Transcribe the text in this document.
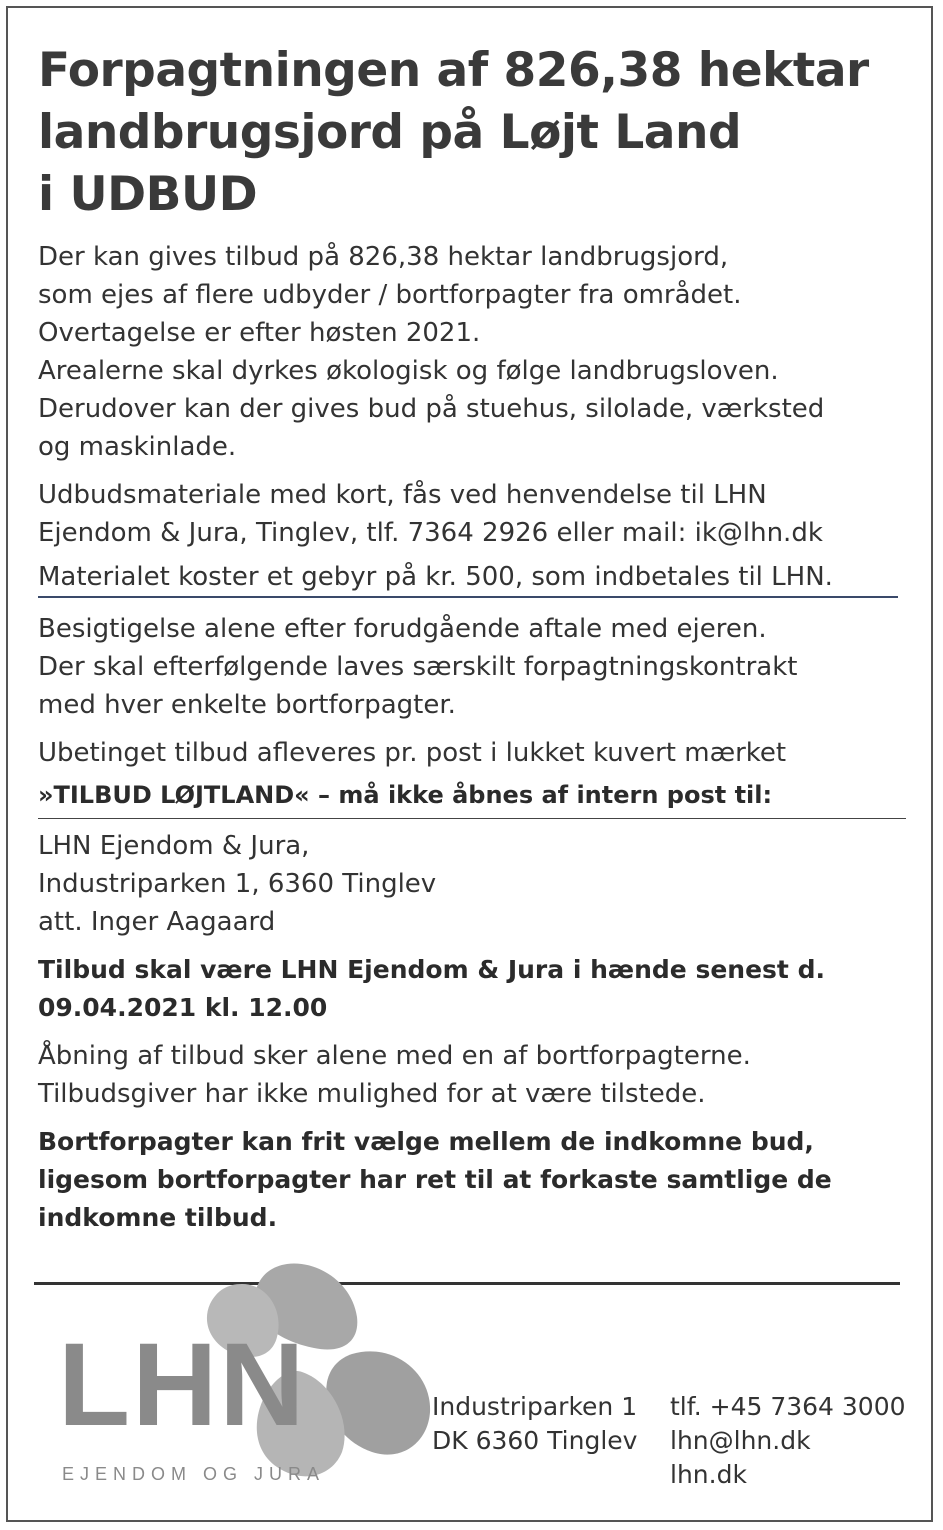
Forpagtningen af 826,38 hektar
landbrugsjord på Løjt Land
i UDBUD
Der kan gives tilbud på 826,38 hektar landbrugsjord,
som ejes af flere udbyder / bortforpagter fra området.
Overtagelse er efter høsten 2021.
Arealerne skal dyrkes økologisk og følge landbrugsloven.
Derudover kan der gives bud på stuehus, silolade, værksted
og maskinlade.
Udbudsmateriale med kort, fås ved henvendelse til LHN
Ejendom & Jura, Tinglev, tlf. 7364 2926 eller mail: ik@lhn.dk
Materialet koster et gebyr på kr. 500, som indbetales til LHN.
Besigtigelse alene efter forudgående aftale med ejeren.
Der skal efterfølgende laves særskilt forpagtningskontrakt
med hver enkelte bortforpagter.
Ubetinget tilbud afleveres pr. post i lukket kuvert mærket
»TILBUD LØJTLAND« – må ikke åbnes af intern post til:
LHN Ejendom & Jura,
Industriparken 1, 6360 Tinglev
att. Inger Aagaard
Tilbud skal være LHN Ejendom & Jura i hænde senest d.
09.04.2021 kl. 12.00
Åbning af tilbud sker alene med en af bortforpagterne.
Tilbudsgiver har ikke mulighed for at være tilstede.
Bortforpagter kan frit vælge mellem de indkomne bud,
ligesom bortforpagter har ret til at forkaste samtlige de
indkomne tilbud.
LHN
EJENDOM OG JURA
Industriparken 1
DK 6360 Tinglev
tlf. +45 7364 3000
lhn@lhn.dk
lhn.dk
